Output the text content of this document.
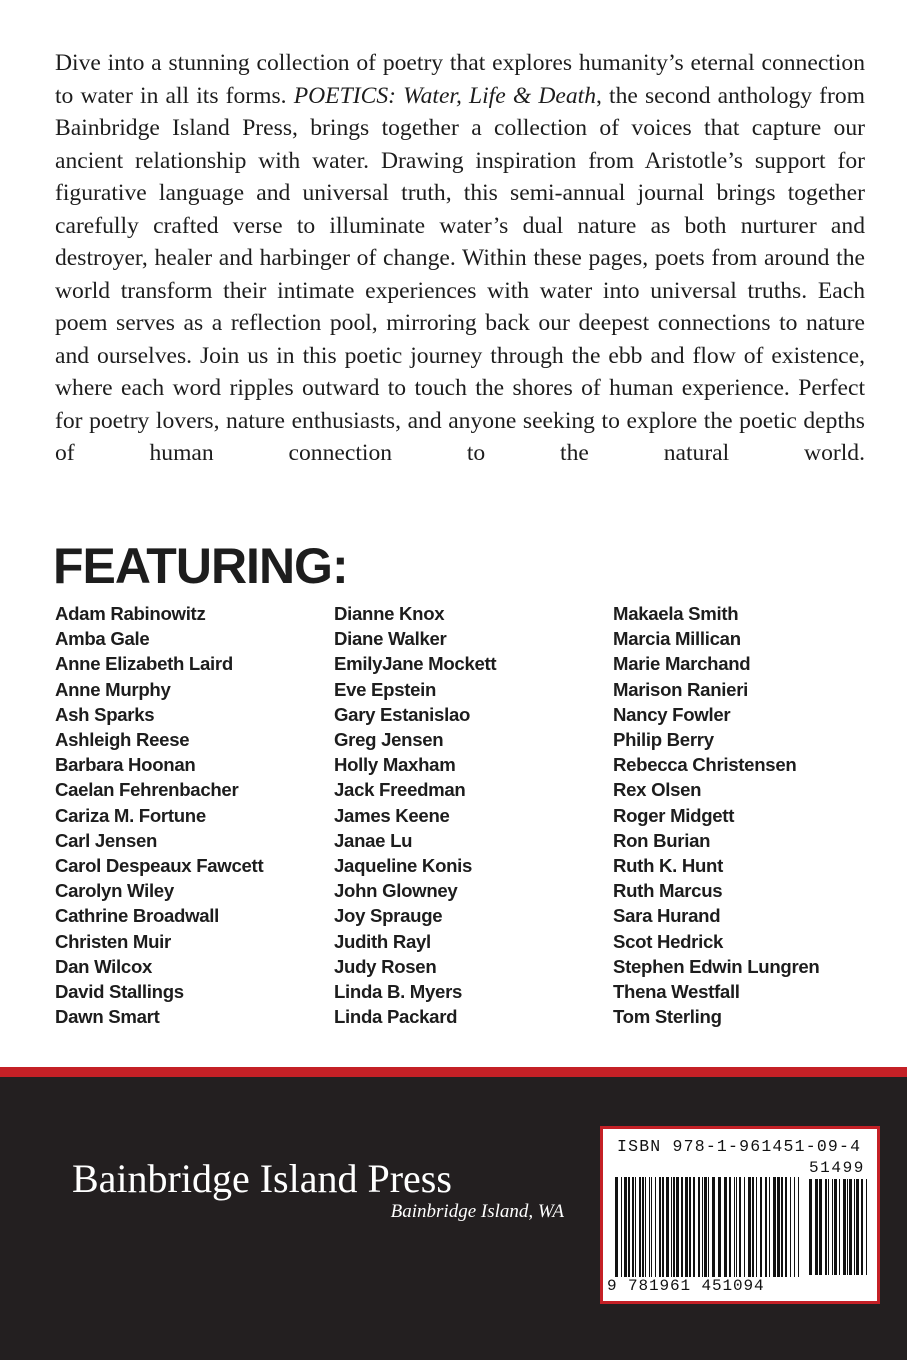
Dive into a stunning collection of poetry that explores humanity’s eternal connection to water in all its forms. POETICS: Water, Life & Death, the second anthology from Bainbridge Island Press, brings together a collection of voices that capture our ancient relationship with water. Drawing inspiration from Aristotle’s support for figurative language and universal truth, this semi-annual journal brings together carefully crafted verse to illuminate water’s dual nature as both nurturer and destroyer, healer and harbinger of change. Within these pages, poets from around the world transform their intimate experiences with water into universal truths. Each poem serves as a reflection pool, mirroring back our deepest connections to nature and ourselves. Join us in this poetic journey through the ebb and flow of existence, where each word ripples outward to touch the shores of human experience. Perfect for poetry lovers, nature enthusiasts, and anyone seeking to explore the poetic depths of human connection to the natural world.

FEATURING:
Adam Rabinowitz
Amba Gale
Anne Elizabeth Laird
Anne Murphy
Ash Sparks
Ashleigh Reese
Barbara Hoonan
Caelan Fehrenbacher
Cariza M. Fortune
Carl Jensen
Carol Despeaux Fawcett
Carolyn Wiley
Cathrine Broadwall
Christen Muir
Dan Wilcox
David Stallings
Dawn Smart
Dianne Knox
Diane Walker
EmilyJane Mockett
Eve Epstein
Gary Estanislao
Greg Jensen
Holly Maxham
Jack Freedman
James Keene
Janae Lu
Jaqueline Konis
John Glowney
Joy Sprauge
Judith Rayl
Judy Rosen
Linda B. Myers
Linda Packard
Makaela Smith
Marcia Millican
Marie Marchand
Marison Ranieri
Nancy Fowler
Philip Berry
Rebecca Christensen
Rex Olsen
Roger Midgett
Ron Burian
Ruth K. Hunt
Ruth Marcus
Sara Hurand
Scot Hedrick
Stephen Edwin Lungren
Thena Westfall
Tom Sterling
Bainbridge Island Press
Bainbridge Island, WA
ISBN 978-1-961451-09-4
51499
9 781961 451094
